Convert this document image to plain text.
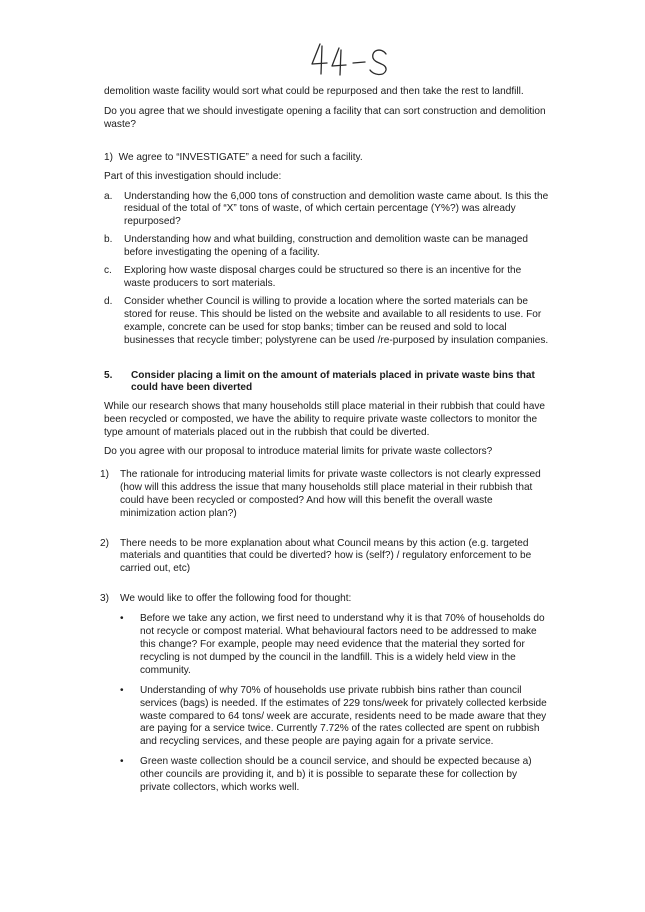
demolition waste facility would sort what could be repurposed and then take the rest to landfill.

Do you agree that we should investigate opening a facility that can sort construction and demolition waste?

1) We agree to “INVESTIGATE” a need for such a facility.

Part of this investigation should include:

a. Understanding how the 6,000 tons of construction and demolition waste came about. Is this the residual of the total of “X” tons of waste, of which certain percentage (Y%?) was already repurposed?
b. Understanding how and what building, construction and demolition waste can be managed before investigating the opening of a facility.
c. Exploring how waste disposal charges could be structured so there is an incentive for the waste producers to sort materials.
d. Consider whether Council is willing to provide a location where the sorted materials can be stored for reuse. This should be listed on the website and available to all residents to use. For example, concrete can be used for stop banks; timber can be reused and sold to local businesses that recycle timber; polystyrene can be used /re-purposed by insulation companies.
5. Consider placing a limit on the amount of materials placed in private waste bins that could have been diverted

While our research shows that many households still place material in their rubbish that could have been recycled or composted, we have the ability to require private waste collectors to monitor the type amount of materials placed out in the rubbish that could be diverted.

Do you agree with our proposal to introduce material limits for private waste collectors?

1) The rationale for introducing material limits for private waste collectors is not clearly expressed (how will this address the issue that many households still place material in their rubbish that could have been recycled or composted? And how will this benefit the overall waste minimization action plan?)
2) There needs to be more explanation about what Council means by this action (e.g. targeted materials and quantities that could be diverted? how is (self?) / regulatory enforcement to be carried out, etc)
3) We would like to offer the following food for thought:

• Before we take any action, we first need to understand why it is that 70% of households do not recycle or compost material. What behavioural factors need to be addressed to make this change? For example, people may need evidence that the material they sorted for recycling is not dumped by the council in the landfill. This is a widely held view in the community.
• Understanding of why 70% of households use private rubbish bins rather than council services (bags) is needed. If the estimates of 229 tons/week for privately collected kerbside waste compared to 64 tons/ week are accurate, residents need to be made aware that they are paying for a service twice. Currently 7.72% of the rates collected are spent on rubbish and recycling services, and these people are paying again for a private service.
• Green waste collection should be a council service, and should be expected because a) other councils are providing it, and b) it is possible to separate these for collection by private collectors, which works well.
